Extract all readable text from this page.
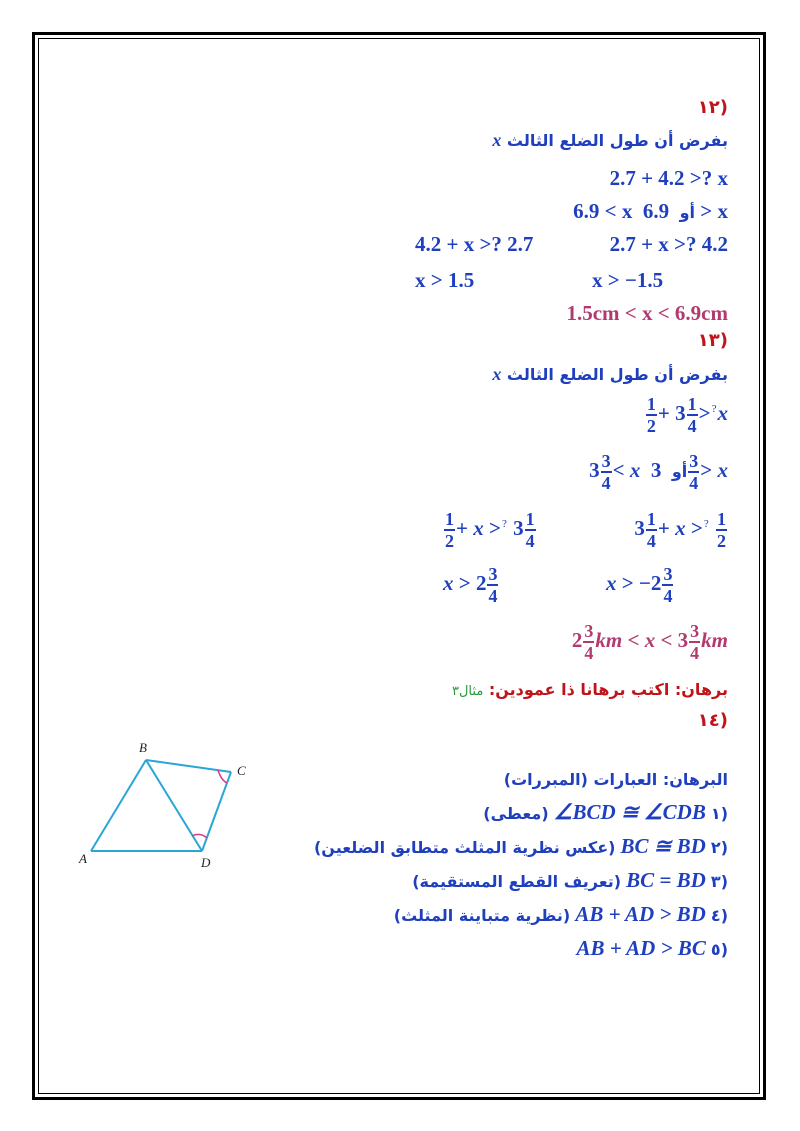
(١٢
بفرض أن طول الضلع الثالث x
2.7 + 4.2 >? x
6.9 < x	أو  6.9 > x
4.2 + x >? 2.7	2.7 + x >? 4.2
x > 1.5	x > −1.5
1.5cm < x < 6.9cm
(١٣
بفرض أن طول الضلع الثالث x
$\frac{1}{2} + 3 \frac{1}{4} >^?x$
$3 \frac{3}{4} < x$ أو  $3 \frac{3}{4} > x$
$\frac{1}{2} + x >^?$ $3 \frac{1}{4}$	$3 \frac{1}{4} + x >^? \frac{1}{2}$
$x > 2 \frac{3}{4}$	$x > -2 \frac{3}{4}$
$2 \frac{3}{4}$ km < $x < 3 \frac{3}{4}$ km
برهان: اكتب برهانا ذا عمودين: مثال٣
(١٤
A
B
C
D
البرهان: العبارات (المبررات)
(معطى) ∠BCD ≅ ∠CDB ١)
(عكس نظرية المثلث متطابق الضلعين) BC ≅ BD ٢)
(تعريف القطع المستقيمة) BC = BD ٣)
(نظرية متباينة المثلث) AB + AD > BD ٤)
AB + AD > BC ٥)
